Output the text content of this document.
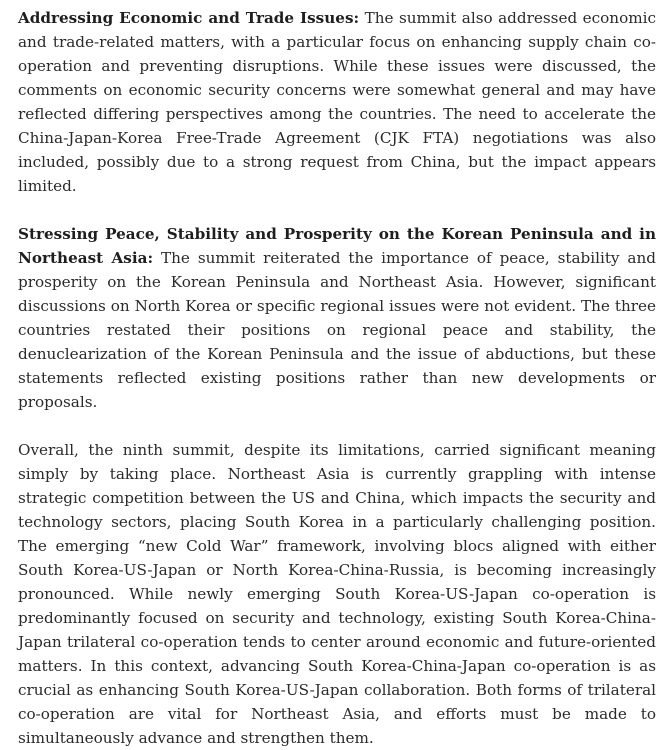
Addressing Economic and Trade Issues: The summit also addressed economic and trade-related matters, with a particular focus on enhancing supply chain co-operation and preventing disruptions. While these issues were discussed, the comments on economic security concerns were somewhat general and may have reflected differing perspectives among the countries. The need to accelerate the China-Japan-Korea Free-Trade Agreement (CJK FTA) negotiations was also included, possibly due to a strong request from China, but the impact appears limited.

Stressing Peace, Stability and Prosperity on the Korean Peninsula and in Northeast Asia: The summit reiterated the importance of peace, stability and prosperity on the Korean Peninsula and Northeast Asia. However, significant discussions on North Korea or specific regional issues were not evident. The three countries restated their positions on regional peace and stability, the denuclearization of the Korean Peninsula and the issue of abductions, but these statements reflected existing positions rather than new developments or proposals.

Overall, the ninth summit, despite its limitations, carried significant meaning simply by taking place. Northeast Asia is currently grappling with intense strategic competition between the US and China, which impacts the security and technology sectors, placing South Korea in a particularly challenging position. The emerging “new Cold War” framework, involving blocs aligned with either South Korea-US-Japan or North Korea-China-Russia, is becoming increasingly pronounced. While newly emerging South Korea-US-Japan co-operation is predominantly focused on security and technology, existing South Korea-China-Japan trilateral co-operation tends to center around economic and future-oriented matters. In this context, advancing South Korea-China-Japan co-operation is as crucial as enhancing South Korea-US-Japan collaboration. Both forms of trilateral co-operation are vital for Northeast Asia, and efforts must be made to simultaneously advance and strengthen them.
